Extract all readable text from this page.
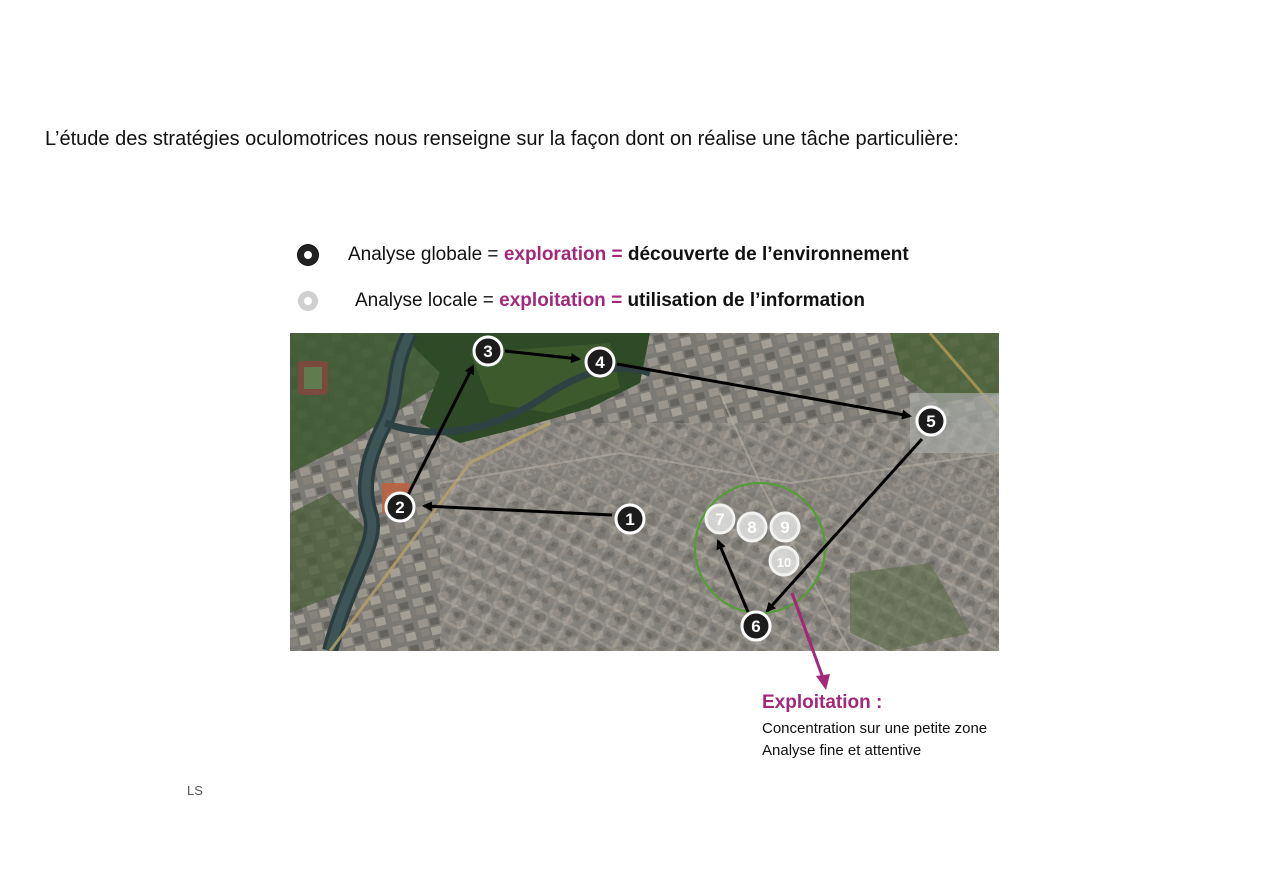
L’étude des stratégies oculomotrices nous renseigne sur la façon dont on réalise une tâche particulière:
Analyse globale = exploration =
découverte de l’environnement
Analyse locale = exploitation =
utilisation de l’information
1
2
3
4
5
6
7 8 9
10
Exploitation :
Concentration sur une petite zone
Analyse fine et attentive
LS
